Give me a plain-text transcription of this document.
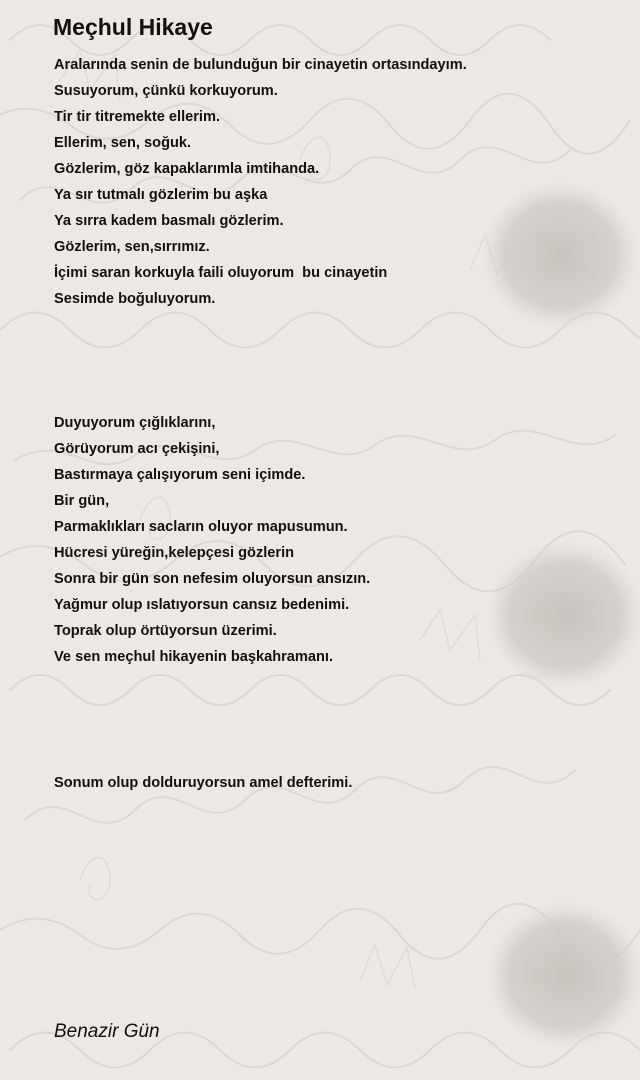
Meçhul Hikaye
Aralarında senin de bulunduğun bir cinayetin ortasındayım.
Susuyorum, çünkü korkuyorum.
Tir tir titremekte ellerim.
Ellerim, sen, soğuk.
Gözlerim, göz kapaklarımla imtihanda.
Ya sır tutmalı gözlerim bu aşka
Ya sırra kadem basmalı gözlerim.
Gözlerim, sen,sırrımız.
İçimi saran korkuyla faili oluyorum  bu cinayetin
Sesimde boğuluyorum.
Duyuyorum çığlıklarını,
Görüyorum acı çekişini,
Bastırmaya çalışıyorum seni içimde.
Bir gün,
Parmaklıkları sacların oluyor mapusumun.
Hücresi yüreğin,kelepçesi gözlerin
Sonra bir gün son nefesim oluyorsun ansızın.
Yağmur olup ıslatıyorsun cansız bedenimi.
Toprak olup örtüyorsun üzerimi.
Ve sen meçhul hikayenin başkahramanı.
Sonum olup dolduruyorsun amel defterimi.

Benazir Gün
